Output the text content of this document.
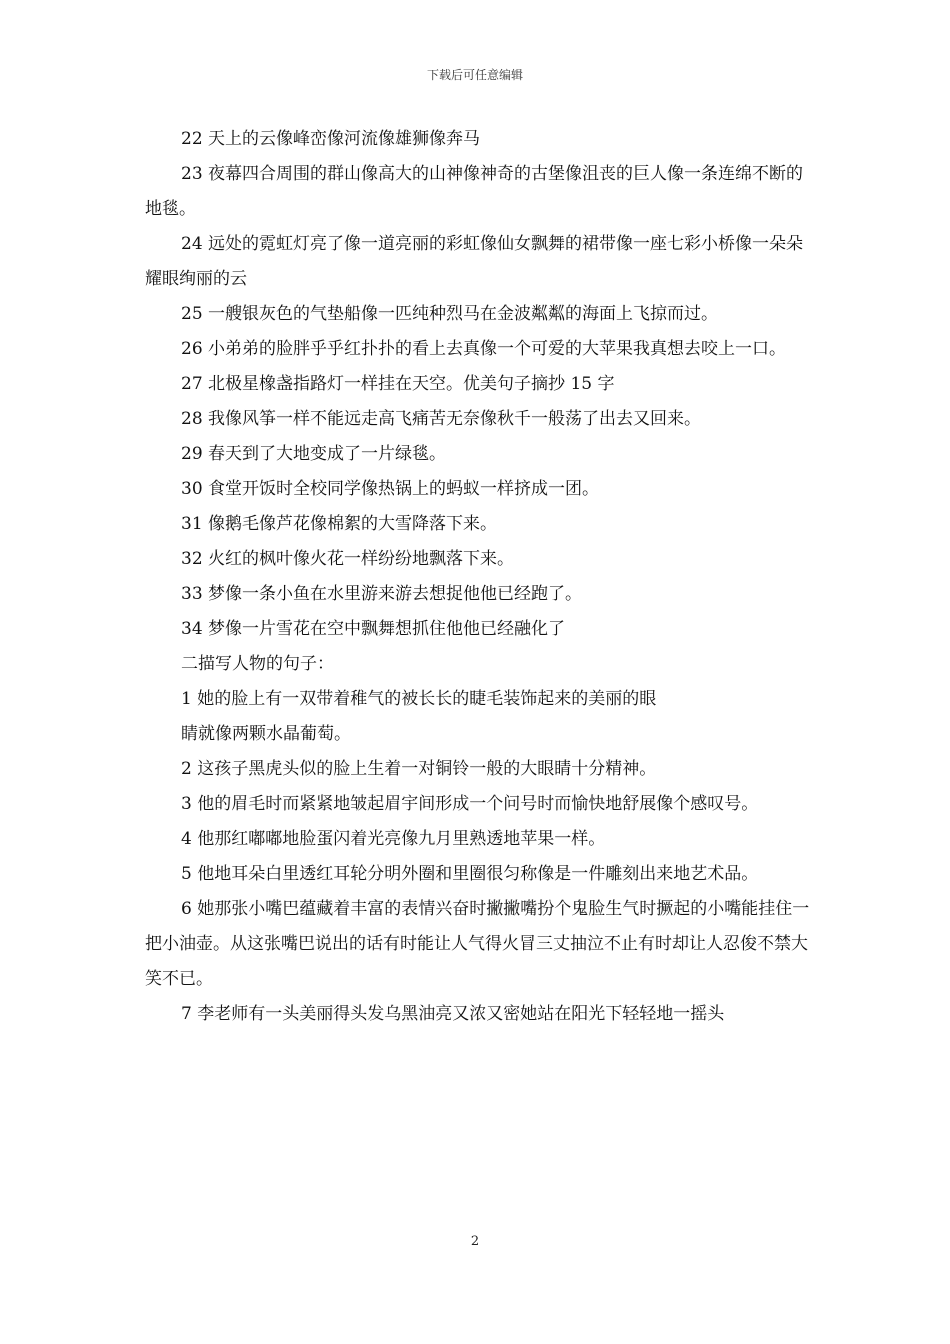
下载后可任意编辑

22 天上的云像峰峦像河流像雄狮像奔马

23 夜幕四合周围的群山像高大的山神像神奇的古堡像沮丧的巨人像一条连绵不断的地毯。

24 远处的霓虹灯亮了像一道亮丽的彩虹像仙女飘舞的裙带像一座七彩小桥像一朵朵耀眼绚丽的云

25 一艘银灰色的气垫船像一匹纯种烈马在金波粼粼的海面上飞掠而过。

26 小弟弟的脸胖乎乎红扑扑的看上去真像一个可爱的大苹果我真想去咬上一口。

27 北极星橡盏指路灯一样挂在天空。优美句子摘抄 15 字

28 我像风筝一样不能远走高飞痛苦无奈像秋千一般荡了出去又回来。

29 春天到了大地变成了一片绿毯。

30 食堂开饭时全校同学像热锅上的蚂蚁一样挤成一团。

31 像鹅毛像芦花像棉絮的大雪降落下来。

32 火红的枫叶像火花一样纷纷地飘落下来。

33 梦像一条小鱼在水里游来游去想捉他他已经跑了。

34 梦像一片雪花在空中飘舞想抓住他他已经融化了

二描写人物的句子：

1 她的脸上有一双带着稚气的被长长的睫毛装饰起来的美丽的眼

睛就像两颗水晶葡萄。

2 这孩子黑虎头似的脸上生着一对铜铃一般的大眼睛十分精神。

3 他的眉毛时而紧紧地皱起眉宇间形成一个问号时而愉快地舒展像个感叹号。

4 他那红嘟嘟地脸蛋闪着光亮像九月里熟透地苹果一样。

5 他地耳朵白里透红耳轮分明外圈和里圈很匀称像是一件雕刻出来地艺术品。

6 她那张小嘴巴蕴藏着丰富的表情兴奋时撇撇嘴扮个鬼脸生气时撅起的小嘴能挂住一把小油壶。从这张嘴巴说出的话有时能让人气得火冒三丈抽泣不止有时却让人忍俊不禁大笑不已。

7 李老师有一头美丽得头发乌黑油亮又浓又密她站在阳光下轻轻地一摇头

2
